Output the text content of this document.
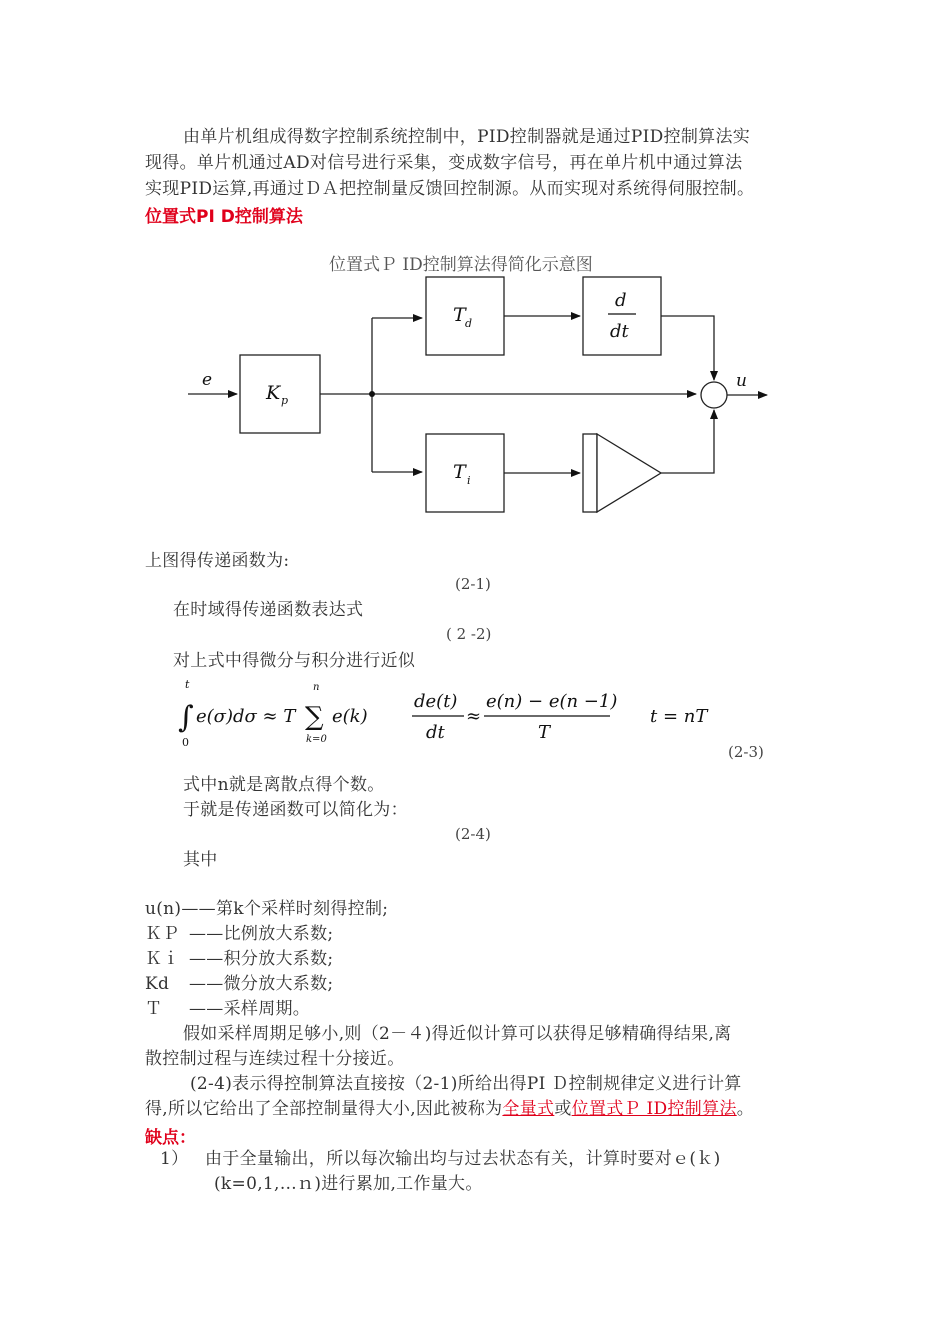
由单片机组成得数字控制系统控制中，PID控制器就是通过PID控制算法实
现得。单片机通过AD对信号进行采集，变成数字信号，再在单片机中通过算法
实现PID运算,再通过ＤＡ把控制量反馈回控制源。从而实现对系统得伺服控制。
位置式PI D控制算法
位置式Ｐ ID控制算法得简化示意图
e	u
K p
T d
T i
d
dt
上图得传递函数为:
(2-1)
在时域得传递函数表达式
( 2 -2)
对上式中得微分与积分进行近似
t
∫
0
e(σ)dσ ≈ T
n
∑
k=0
e(k)
de(t)
dt
≈
e(n) − e(n −1)
T
t = nT
(2-3)
式中n就是离散点得个数。
于就是传递函数可以简化为：
(2-4)
其中
u(n)——第k个采样时刻得控制;
ＫＰ ——比例放大系数;
Ｋｉ ——积分放大系数;
Kd ——微分放大系数;
Ｔ ——采样周期。
假如采样周期足够小,则（2－４)得近似计算可以获得足够精确得结果,离
散控制过程与连续过程十分接近。
(2-4)表示得控制算法直接按（2-1)所给出得PI Ｄ控制规律定义进行计算
得,所以它给出了全部控制量得大小,因此被称为全量式或位置式Ｐ ID控制算法。
缺点：
1） 由于全量输出，所以每次输出均与过去状态有关，计算时要对ｅ(ｋ)
(k=0,1,…ｎ)进行累加,工作量大。
